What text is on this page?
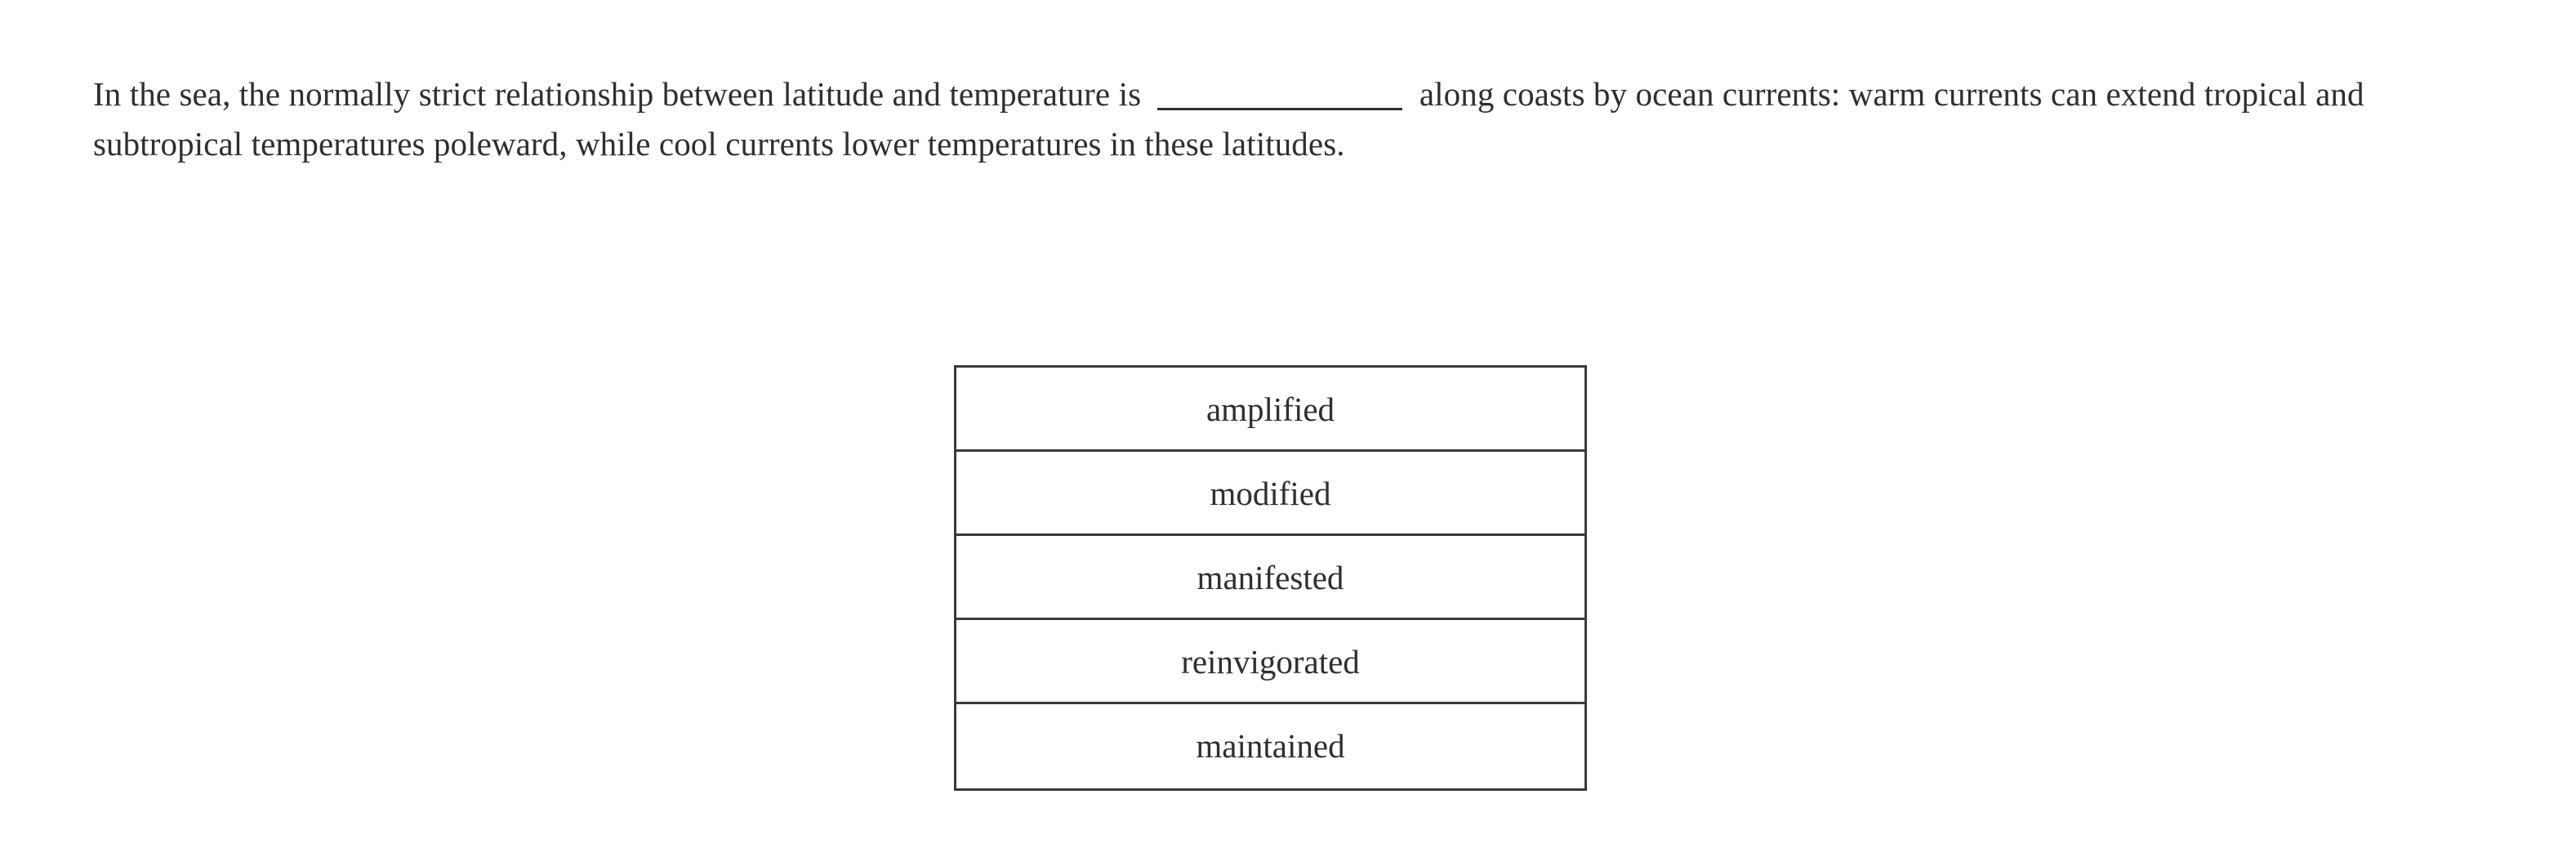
In the sea, the normally strict relationship between latitude and temperature is	along coasts by ocean currents: warm currents can extend tropical and subtropical temperatures poleward, while cool currents lower temperatures in these latitudes.

amplified
modified
manifested
reinvigorated
maintained
